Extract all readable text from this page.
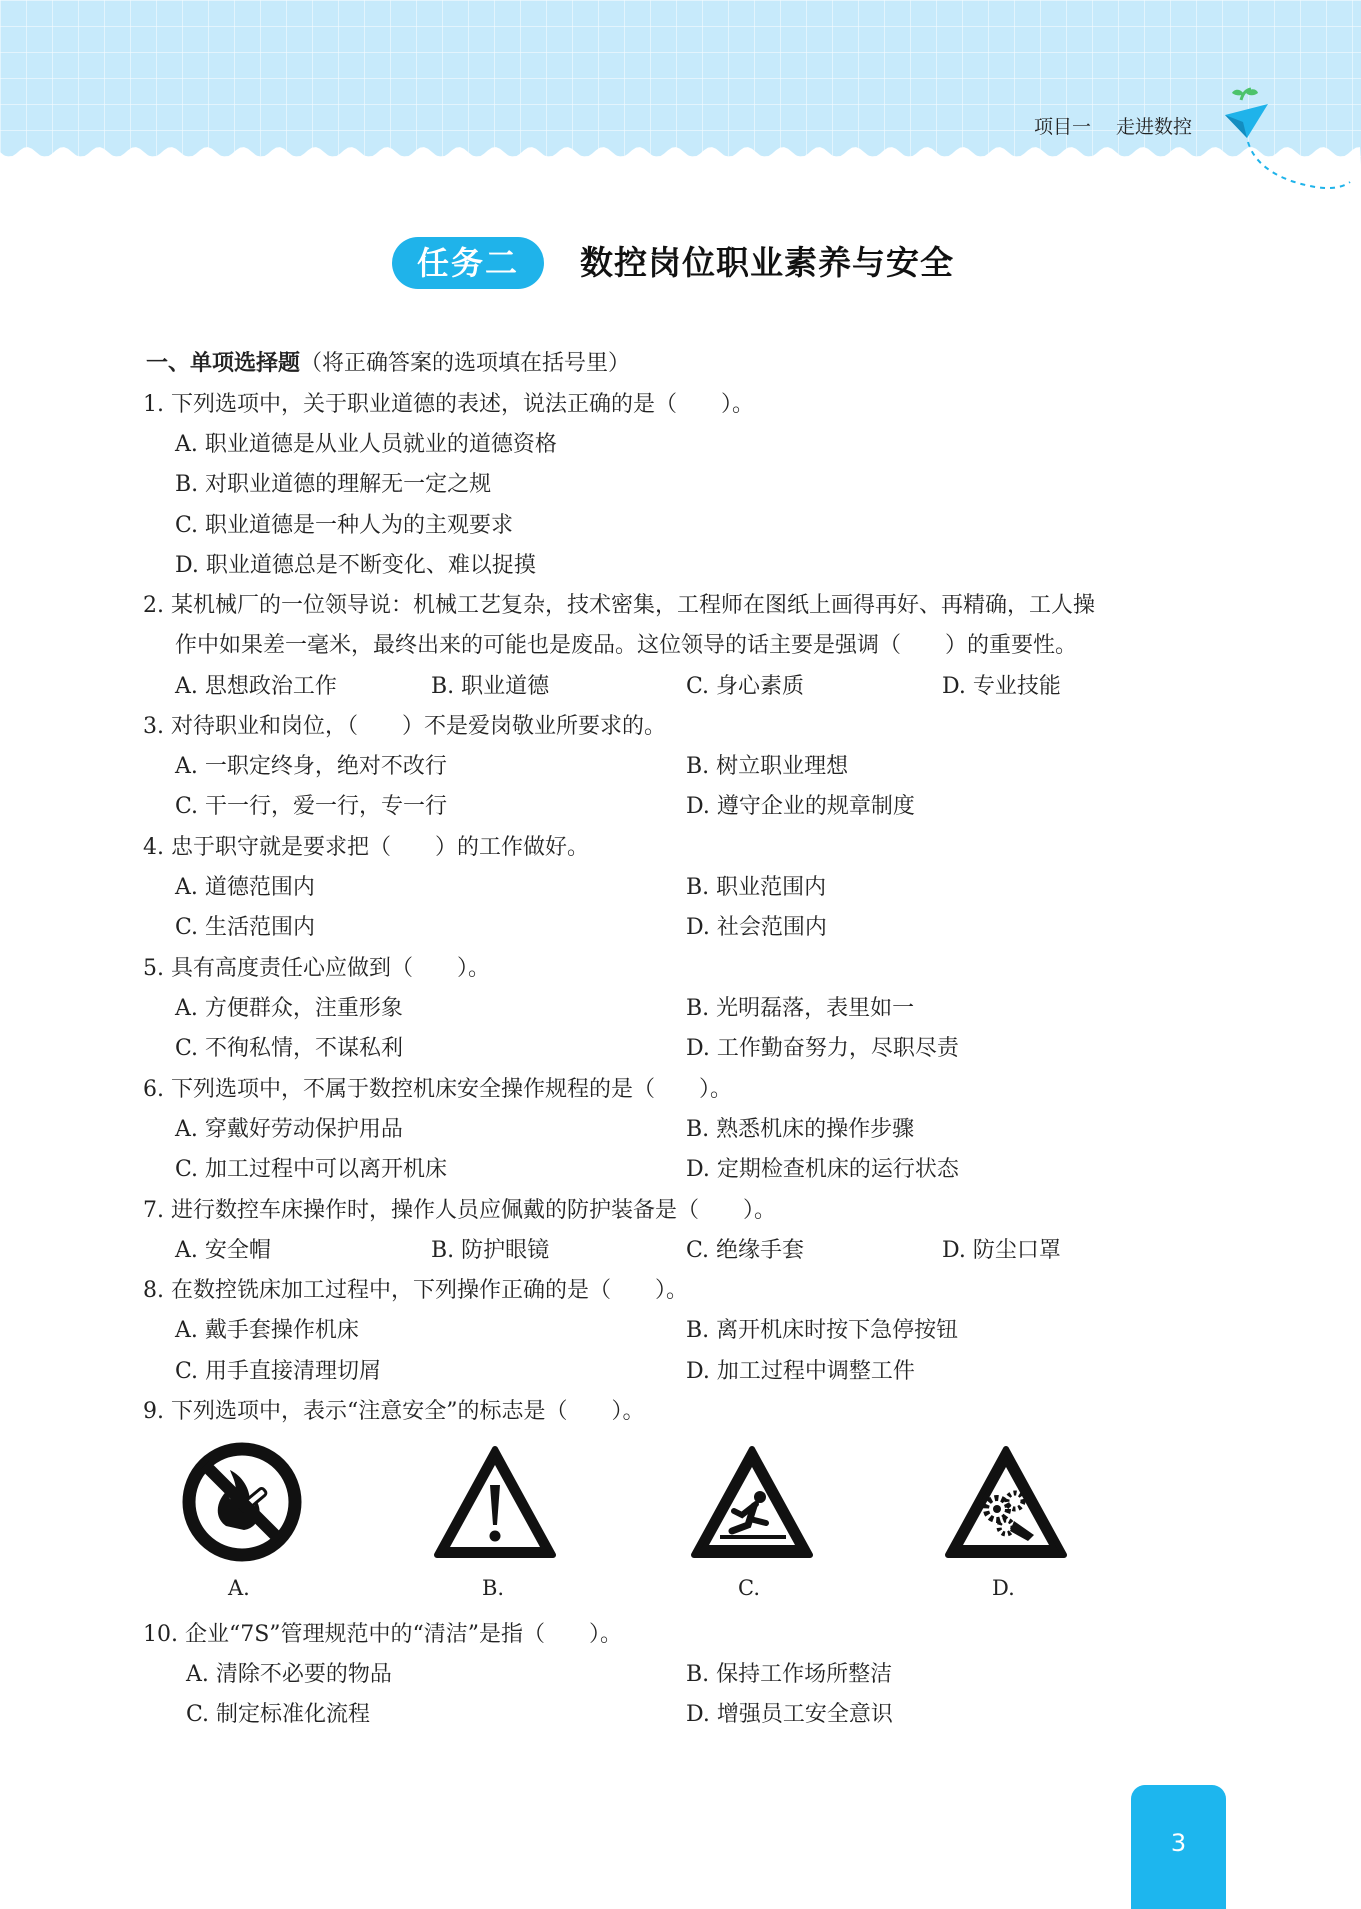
项目一 走进数控
任务二	数控岗位职业素养与安全
一、单项选择题（将正确答案的选项填在括号里）
1. 下列选项中，关于职业道德的表述，说法正确的是（　　）。
A. 职业道德是从业人员就业的道德资格
B. 对职业道德的理解无一定之规
C. 职业道德是一种人为的主观要求
D. 职业道德总是不断变化、难以捉摸
2. 某机械厂的一位领导说：机械工艺复杂，技术密集，工程师在图纸上画得再好、再精确，工人操
作中如果差一毫米，最终出来的可能也是废品。这位领导的话主要是强调（　　）的重要性。
A. 思想政治工作	B. 职业道德	C. 身心素质	D. 专业技能
3. 对待职业和岗位，（　　）不是爱岗敬业所要求的。
A. 一职定终身，绝对不改行	B. 树立职业理想
C. 干一行，爱一行，专一行	D. 遵守企业的规章制度
4. 忠于职守就是要求把（　　）的工作做好。
A. 道德范围内	B. 职业范围内
C. 生活范围内	D. 社会范围内
5. 具有高度责任心应做到（　　）。
A. 方便群众，注重形象	B. 光明磊落，表里如一
C. 不徇私情，不谋私利	D. 工作勤奋努力，尽职尽责
6. 下列选项中，不属于数控机床安全操作规程的是（　　）。
A. 穿戴好劳动保护用品	B. 熟悉机床的操作步骤
C. 加工过程中可以离开机床	D. 定期检查机床的运行状态
7. 进行数控车床操作时，操作人员应佩戴的防护装备是（　　）。
A. 安全帽	B. 防护眼镜	C. 绝缘手套	D. 防尘口罩
8. 在数控铣床加工过程中，下列操作正确的是（　　）。
A. 戴手套操作机床	B. 离开机床时按下急停按钮
C. 用手直接清理切屑	D. 加工过程中调整工件
9. 下列选项中，表示“注意安全”的标志是（　　）。
A.	B.	C.	D.
10. 企业“7S”管理规范中的“清洁”是指（　　）。
A. 清除不必要的物品	B. 保持工作场所整洁
C. 制定标准化流程	D. 增强员工安全意识
3
